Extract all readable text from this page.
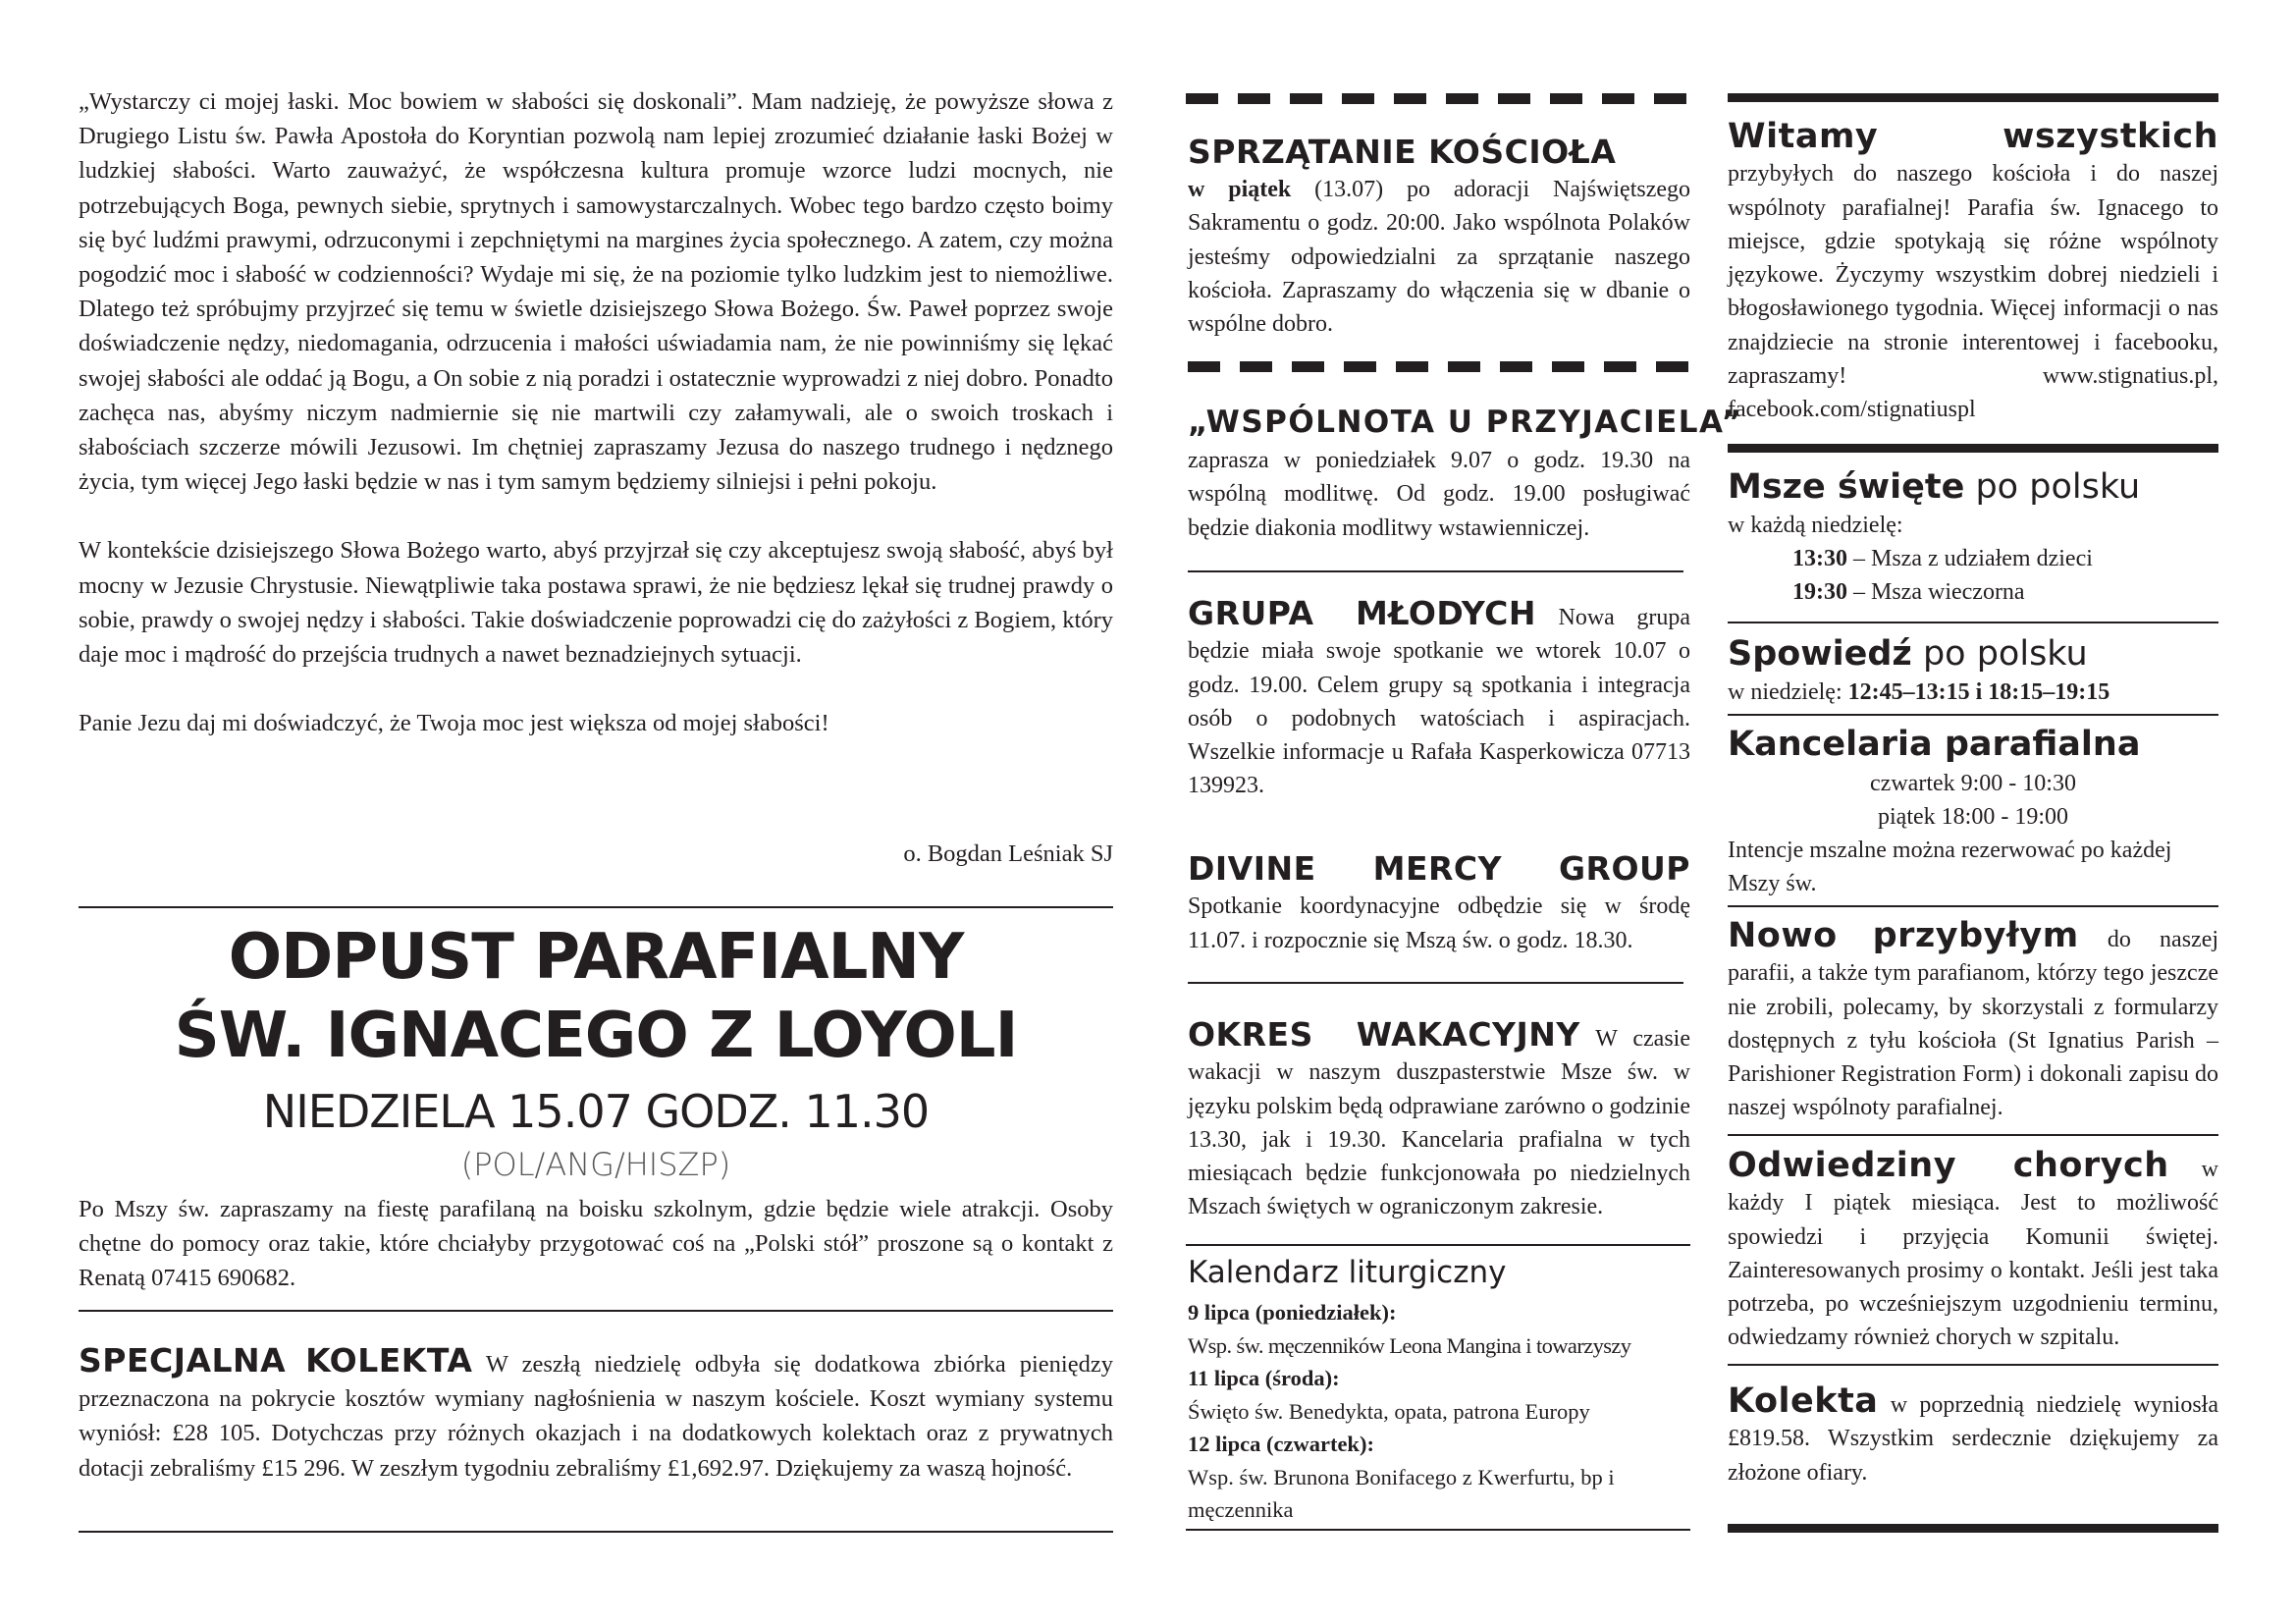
„Wystarczy ci mojej łaski. Moc bowiem w słabości się doskonali”. Mam nadzieję, że powyższe słowa z Drugiego Listu św. Pawła Apostoła do Koryntian pozwolą nam lepiej zrozumieć działanie łaski Bożej w ludzkiej słabości. Warto zauważyć, że współczesna kultura promuje wzorce ludzi mocnych, nie potrzebujących Boga, pewnych siebie, sprytnych i samowystarczalnych. Wobec tego bardzo często boimy się być ludźmi prawymi, odrzuconymi i zepchniętymi na margines życia społecznego. A zatem, czy można pogodzić moc i słabość w codzienności? Wydaje mi się, że na poziomie tylko ludzkim jest to niemożliwe. Dlatego też spróbujmy przyjrzeć się temu w świetle dzisiejszego Słowa Bożego. Św. Paweł poprzez swoje doświadczenie nędzy, niedomagania, odrzucenia i małości uświadamia nam, że nie powinniśmy się lękać swojej słabości ale oddać ją Bogu, a On sobie z nią poradzi i ostatecznie wyprowadzi z niej dobro. Ponadto zachęca nas, abyśmy niczym nadmiernie się nie martwili czy załamywali, ale o swoich troskach i słabościach szczerze mówili Jezusowi. Im chętniej zapraszamy Jezusa do naszego trudnego i nędznego życia, tym więcej Jego łaski będzie w nas i tym samym będziemy silniejsi i pełni pokoju.

W kontekście dzisiejszego Słowa Bożego warto, abyś przyjrzał się czy akceptujesz swoją słabość, abyś był mocny w Jezusie Chrystusie. Niewątpliwie taka postawa sprawi, że nie będziesz lękał się trudnej prawdy o sobie, prawdy o swojej nędzy i słabości. Takie doświadczenie poprowadzi cię do zażyłości z Bogiem, który daje moc i mądrość do przejścia trudnych a nawet beznadziejnych sytuacji.

Panie Jezu daj mi doświadczyć, że Twoja moc jest większa od mojej słabości!

o. Bogdan Leśniak SJ
ODPUST PARAFIALNY
ŚW. IGNACEGO Z LOYOLI
NIEDZIELA 15.07 GODZ. 11.30
(POL/ANG/HISZP)

Po Mszy św. zapraszamy na fiestę parafilaną na boisku szkolnym, gdzie będzie wiele atrakcji. Osoby chętne do pomocy oraz takie, które chciałyby przygotować coś na „Polski stół” proszone są o kontakt z Renatą 07415 690682.

SPECJALNA KOLEKTA W zeszłą niedzielę odbyła się dodatkowa zbiórka pieniędzy przeznaczona na pokrycie kosztów wymiany nagłośnienia w naszym kościele. Koszt wymiany systemu wyniósł: £28 105. Dotychczas przy różnych okazjach i na dodatkowych kolektach oraz z prywatnych dotacji zebraliśmy £15 296. W zeszłym tygodniu zebraliśmy £1,692.97. Dziękujemy za waszą hojność.

SPRZĄTANIE KOŚCIOŁA

w piątek (13.07) po adoracji Najświętszego Sakramentu o godz. 20:00. Jako wspólnota Polaków jesteśmy odpowiedzialni za sprzątanie naszego kościoła. Zapraszamy do włączenia się w dbanie o wspólne dobro.

„WSPÓLNOTA U PRZYJACIELA”

zaprasza w poniedziałek 9.07 o godz. 19.30 na wspólną modlitwę. Od godz. 19.00 posługiwać będzie diakonia modlitwy wstawienniczej.

GRUPA MŁODYCH Nowa grupa będzie miała swoje spotkanie we wtorek 10.07 o godz. 19.00. Celem grupy są spotkania i integracja osób o podobnych watościach i aspiracjach. Wszelkie informacje u Rafała Kasperkowicza 07713 139923.

DIVINE MERCY GROUP Spotkanie koordynacyjne odbędzie się w środę 11.07. i rozpocznie się Mszą św. o godz. 18.30.

OKRES WAKACYJNY W czasie wakacji w naszym duszpasterstwie Msze św. w języku polskim będą odprawiane zarówno o godzinie 13.30, jak i 19.30. Kancelaria prafialna w tych miesiącach będzie funkcjonowała po niedzielnych Mszach świętych w ograniczonym zakresie.

Kalendarz liturgiczny
9 lipca (poniedziałek):
Wsp. św. męczenników Leona Mangina i towarzyszy
11 lipca (środa):
Święto św. Benedykta, opata, patrona Europy
12 lipca (czwartek):
Wsp. św. Brunona Bonifacego z Kwerfurtu, bp i męczennika

Witamy wszystkich przybyłych do naszego kościoła i do naszej wspólnoty parafialnej! Parafia św. Ignacego to miejsce, gdzie spotykają się różne wspólnoty językowe. Życzymy wszystkim dobrej niedzieli i błogosławionego tygodnia. Więcej informacji o nas znajdziecie na stronie interentowej i facebooku, zapraszamy! www.stignatius.pl, facebook.com/stignatiuspl

Msze święte po polsku
w każdą niedzielę:
13:30 – Msza z udziałem dzieci
19:30 – Msza wieczorna
Spowiedź po polsku
w niedzielę: 12:45–13:15 i 18:15–19:15
Kancelaria parafialna
czwartek 9:00 - 10:30
piątek 18:00 - 19:00

Intencje mszalne można rezerwować po każdej Mszy św.

Nowo przybyłym do naszej parafii, a także tym parafianom, którzy tego jeszcze nie zrobili, polecamy, by skorzystali z formularzy dostępnych z tyłu kościoła (St Ignatius Parish – Parishioner Registration Form) i dokonali zapisu do naszej wspólnoty parafialnej.

Odwiedziny chorych w każdy I piątek miesiąca. Jest to możliwość spowiedzi i przyjęcia Komunii świętej. Zainteresowanych prosimy o kontakt. Jeśli jest taka potrzeba, po wcześniejszym uzgodnieniu terminu, odwiedzamy również chorych w szpitalu.

Kolekta w poprzednią niedzielę wyniosła £819.58. Wszystkim serdecznie dziękujemy za złożone ofiary.
